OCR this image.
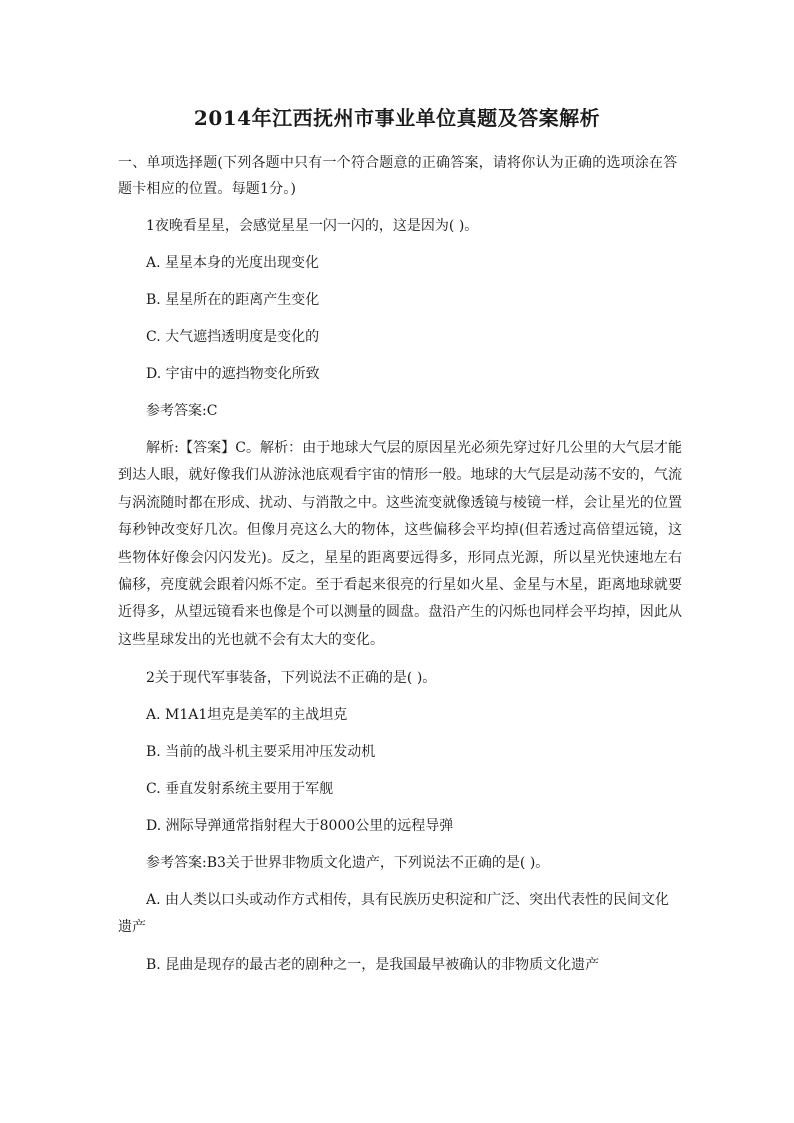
2014年江西抚州市事业单位真题及答案解析

一、单项选择题(下列各题中只有一个符合题意的正确答案，请将你认为正确的选项涂在答题卡相应的位置。每题1分。)

1夜晚看星星，会感觉星星一闪一闪的，这是因为( )。

A. 星星本身的光度出现变化

B. 星星所在的距离产生变化

C. 大气遮挡透明度是变化的

D. 宇宙中的遮挡物变化所致

参考答案:C

解析:【答案】C。解析：由于地球大气层的原因星光必须先穿过好几公里的大气层才能到达人眼，就好像我们从游泳池底观看宇宙的情形一般。地球的大气层是动荡不安的，气流与涡流随时都在形成、扰动、与消散之中。这些流变就像透镜与棱镜一样，会让星光的位置每秒钟改变好几次。但像月亮这么大的物体，这些偏移会平均掉(但若透过高倍望远镜，这些物体好像会闪闪发光)。反之，星星的距离要远得多，形同点光源，所以星光快速地左右偏移，亮度就会跟着闪烁不定。至于看起来很亮的行星如火星、金星与木星，距离地球就要近得多，从望远镜看来也像是个可以测量的圆盘。盘沿产生的闪烁也同样会平均掉，因此从这些星球发出的光也就不会有太大的变化。

2关于现代军事装备，下列说法不正确的是( )。

A. M1A1坦克是美军的主战坦克

B. 当前的战斗机主要采用冲压发动机

C. 垂直发射系统主要用于军舰

D. 洲际导弹通常指射程大于8000公里的远程导弹

参考答案:B3关于世界非物质文化遗产，下列说法不正确的是( )。

A. 由人类以口头或动作方式相传，具有民族历史积淀和广泛、突出代表性的民间文化遗产

B. 昆曲是现存的最古老的剧种之一，是我国最早被确认的非物质文化遗产
